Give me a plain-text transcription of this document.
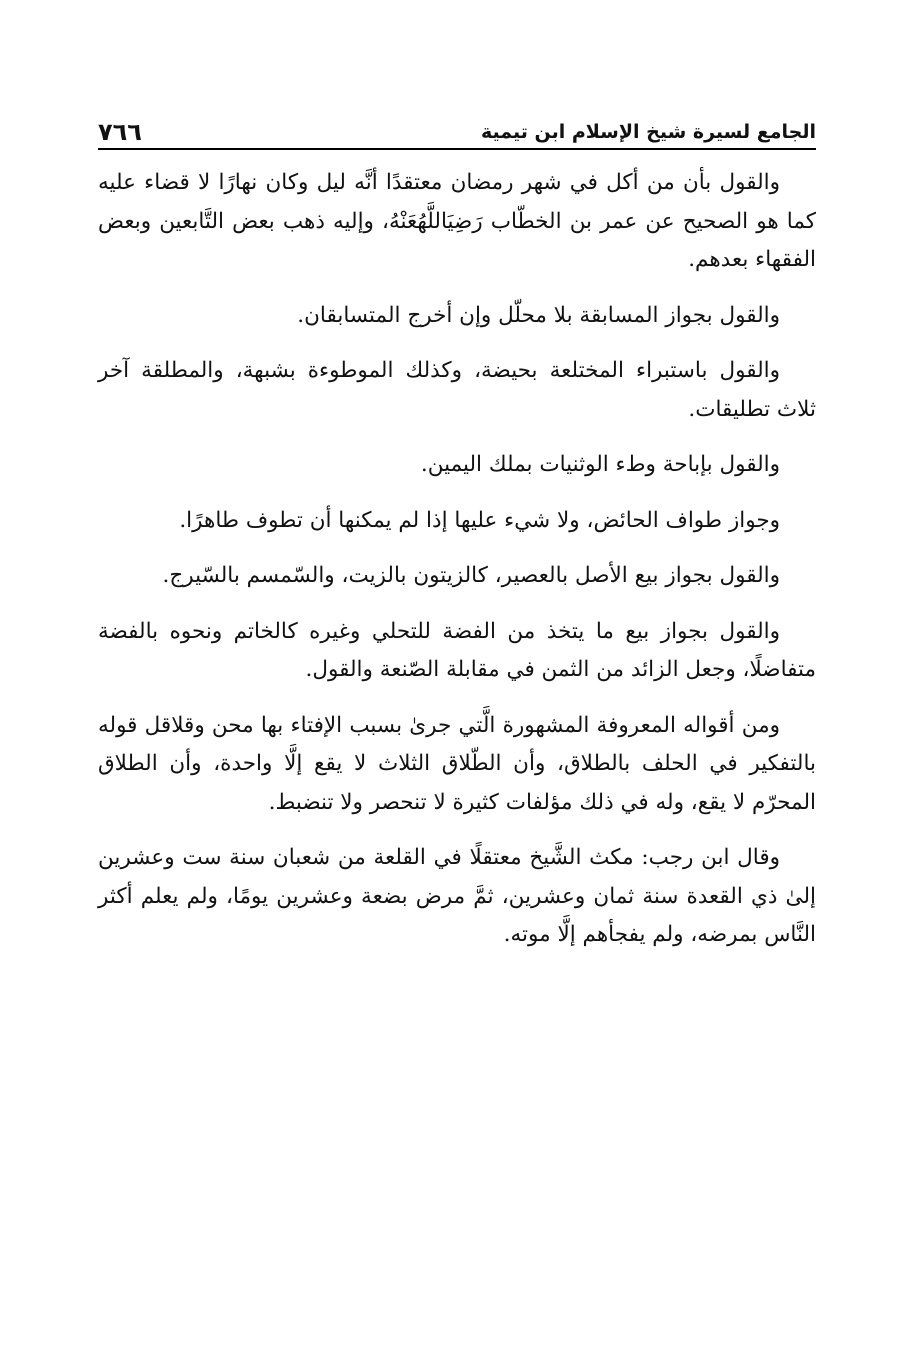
الجامع لسيرة شيخ الإسلام ابن تيمية
٧٦٦

والقول بأن من أكل في شهر رمضان معتقدًا أنَّه ليل وكان نهارًا لا قضاء عليه كما هو الصحيح عن عمر بن الخطّاب رَضِيَاللَّهُعَنْهُ، وإليه ذهب بعض التَّابعين وبعض الفقهاء بعدهم.

والقول بجواز المسابقة بلا محلّل وإن أخرج المتسابقان.

والقول باستبراء المختلعة بحيضة، وكذلك الموطوءة بشبهة، والمطلقة آخر ثلاث تطليقات.

والقول بإباحة وطء الوثنيات بملك اليمين.

وجواز طواف الحائض، ولا شيء عليها إذا لم يمكنها أن تطوف طاهرًا.

والقول بجواز بيع الأصل بالعصير، كالزيتون بالزيت، والسّمسم بالسّيرج.

والقول بجواز بيع ما يتخذ من الفضة للتحلي وغيره كالخاتم ونحوه بالفضة متفاضلًا، وجعل الزائد من الثمن في مقابلة الصّنعة والقول.

ومن أقواله المعروفة المشهورة الَّتي جرىٰ بسبب الإفتاء بها محن وقلاقل قوله بالتفكير في الحلف بالطلاق، وأن الطّلاق الثلاث لا يقع إلَّا واحدة، وأن الطلاق المحرّم لا يقع، وله في ذلك مؤلفات كثيرة لا تنحصر ولا تنضبط.

وقال ابن رجب: مكث الشَّيخ معتقلًا في القلعة من شعبان سنة ست وعشرين إلىٰ ذي القعدة سنة ثمان وعشرين، ثمَّ مرض بضعة وعشرين يومًا، ولم يعلم أكثر النَّاس بمرضه، ولم يفجأهم إلَّا موته.
